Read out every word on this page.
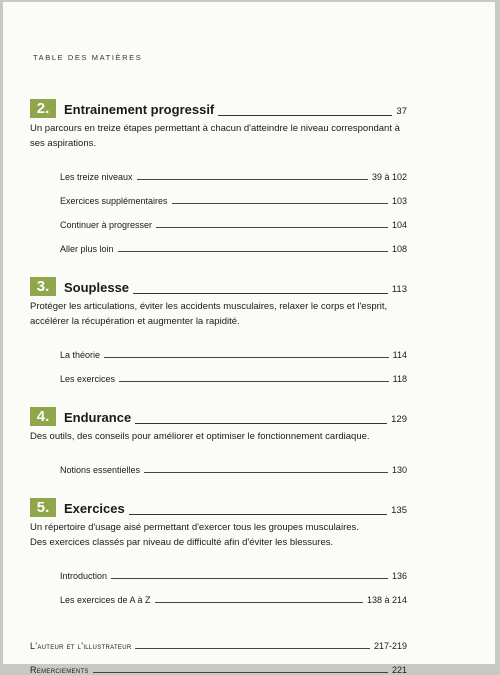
TABLE DES MATIÈRES
2.	Entrainement progressif	37
Un parcours en treize étapes permettant à chacun d'atteindre le niveau correspondant à ses aspirations.
Les treize niveaux	39 à 102
Exercices supplémentaires	103
Continuer à progresser	104
Aller plus loin	108
3.	Souplesse	113
Protéger les articulations, éviter les accidents musculaires, relaxer le corps et l'esprit,
accélérer la récupération et augmenter la rapidité.
La théorie	114
Les exercices	118
4.	Endurance	129
Des outils, des conseils pour améliorer et optimiser le fonctionnement cardiaque.
Notions essentielles	130
5.	Exercices	135
Un répertoire d'usage aisé permettant d'exercer tous les groupes musculaires.
Des exercices classés par niveau de difficulté afin d'éviter les blessures.
Introduction	136
Les exercices de A à Z	138 à 214
L'auteur et l'illustrateur	217-219
Remerciements	221
